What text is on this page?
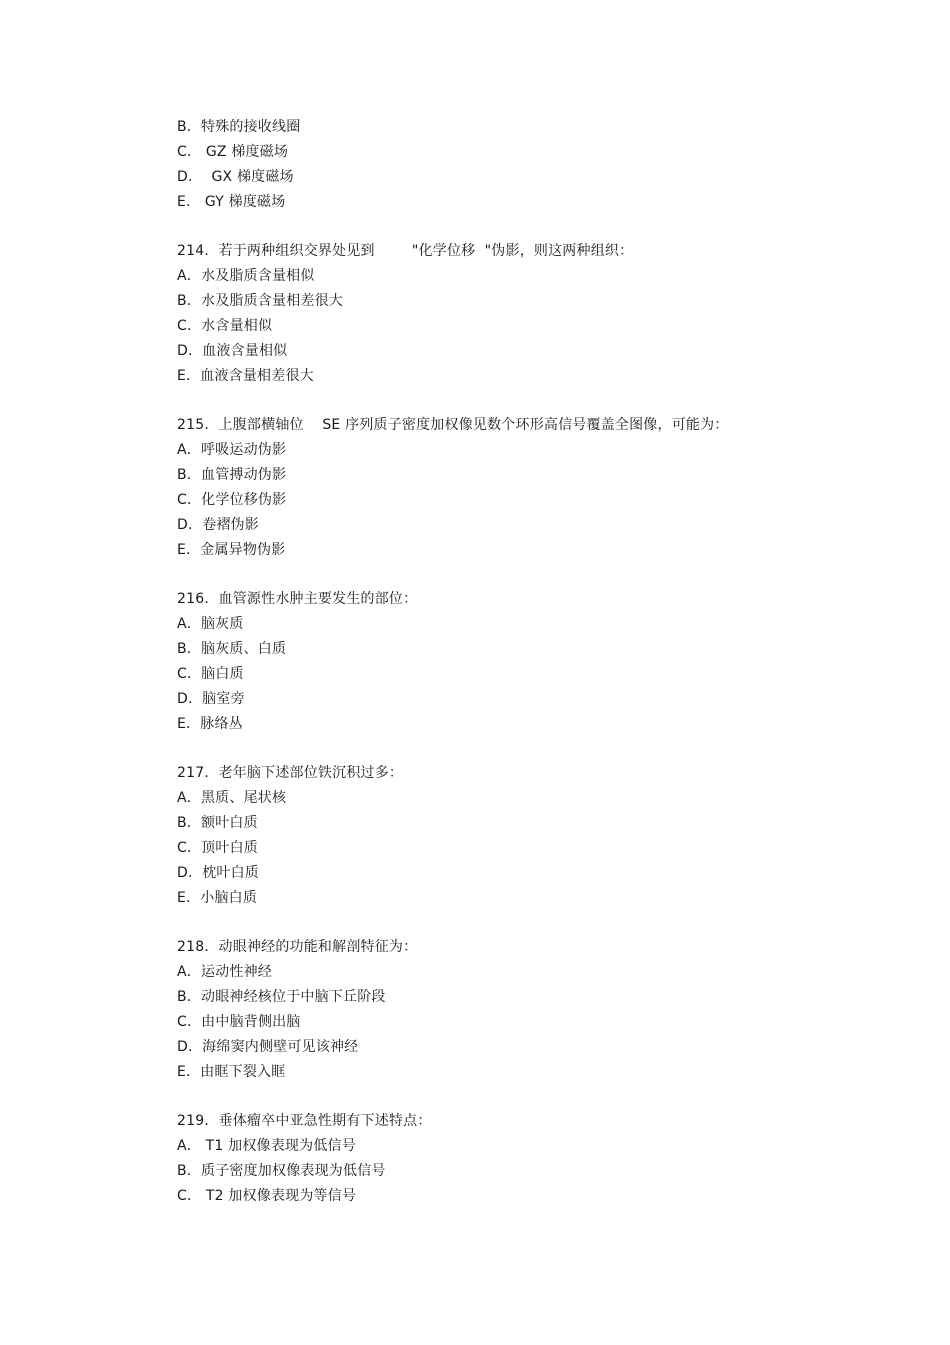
B．特殊的接收线圈
C． GZ 梯度磁场
D．  GX 梯度磁场
E． GY 梯度磁场
214．若于两种组织交界处见到        "化学位移  "伪影，则这两种组织：
A．水及脂质含量相似
B．水及脂质含量相差很大
C．水含量相似
D．血液含量相似
E．血液含量相差很大
215．上腹部横轴位    SE 序列质子密度加权像见数个环形高信号覆盖全图像，可能为：
A．呼吸运动伪影
B．血管搏动伪影
C．化学位移伪影
D．卷褶伪影
E．金属异物伪影
216．血管源性水肿主要发生的部位：
A．脑灰质
B．脑灰质、白质
C．脑白质
D．脑室旁
E．脉络丛
217．老年脑下述部位铁沉积过多：
A．黑质、尾状核
B．额叶白质
C．顶叶白质
D．枕叶白质
E．小脑白质
218．动眼神经的功能和解剖特征为：
A．运动性神经
B．动眼神经核位于中脑下丘阶段
C．由中脑背侧出脑
D．海绵窦内侧壁可见该神经
E．由眶下裂入眶
219．垂体瘤卒中亚急性期有下述特点：
A． T1 加权像表现为低信号
B．质子密度加权像表现为低信号
C． T2 加权像表现为等信号
